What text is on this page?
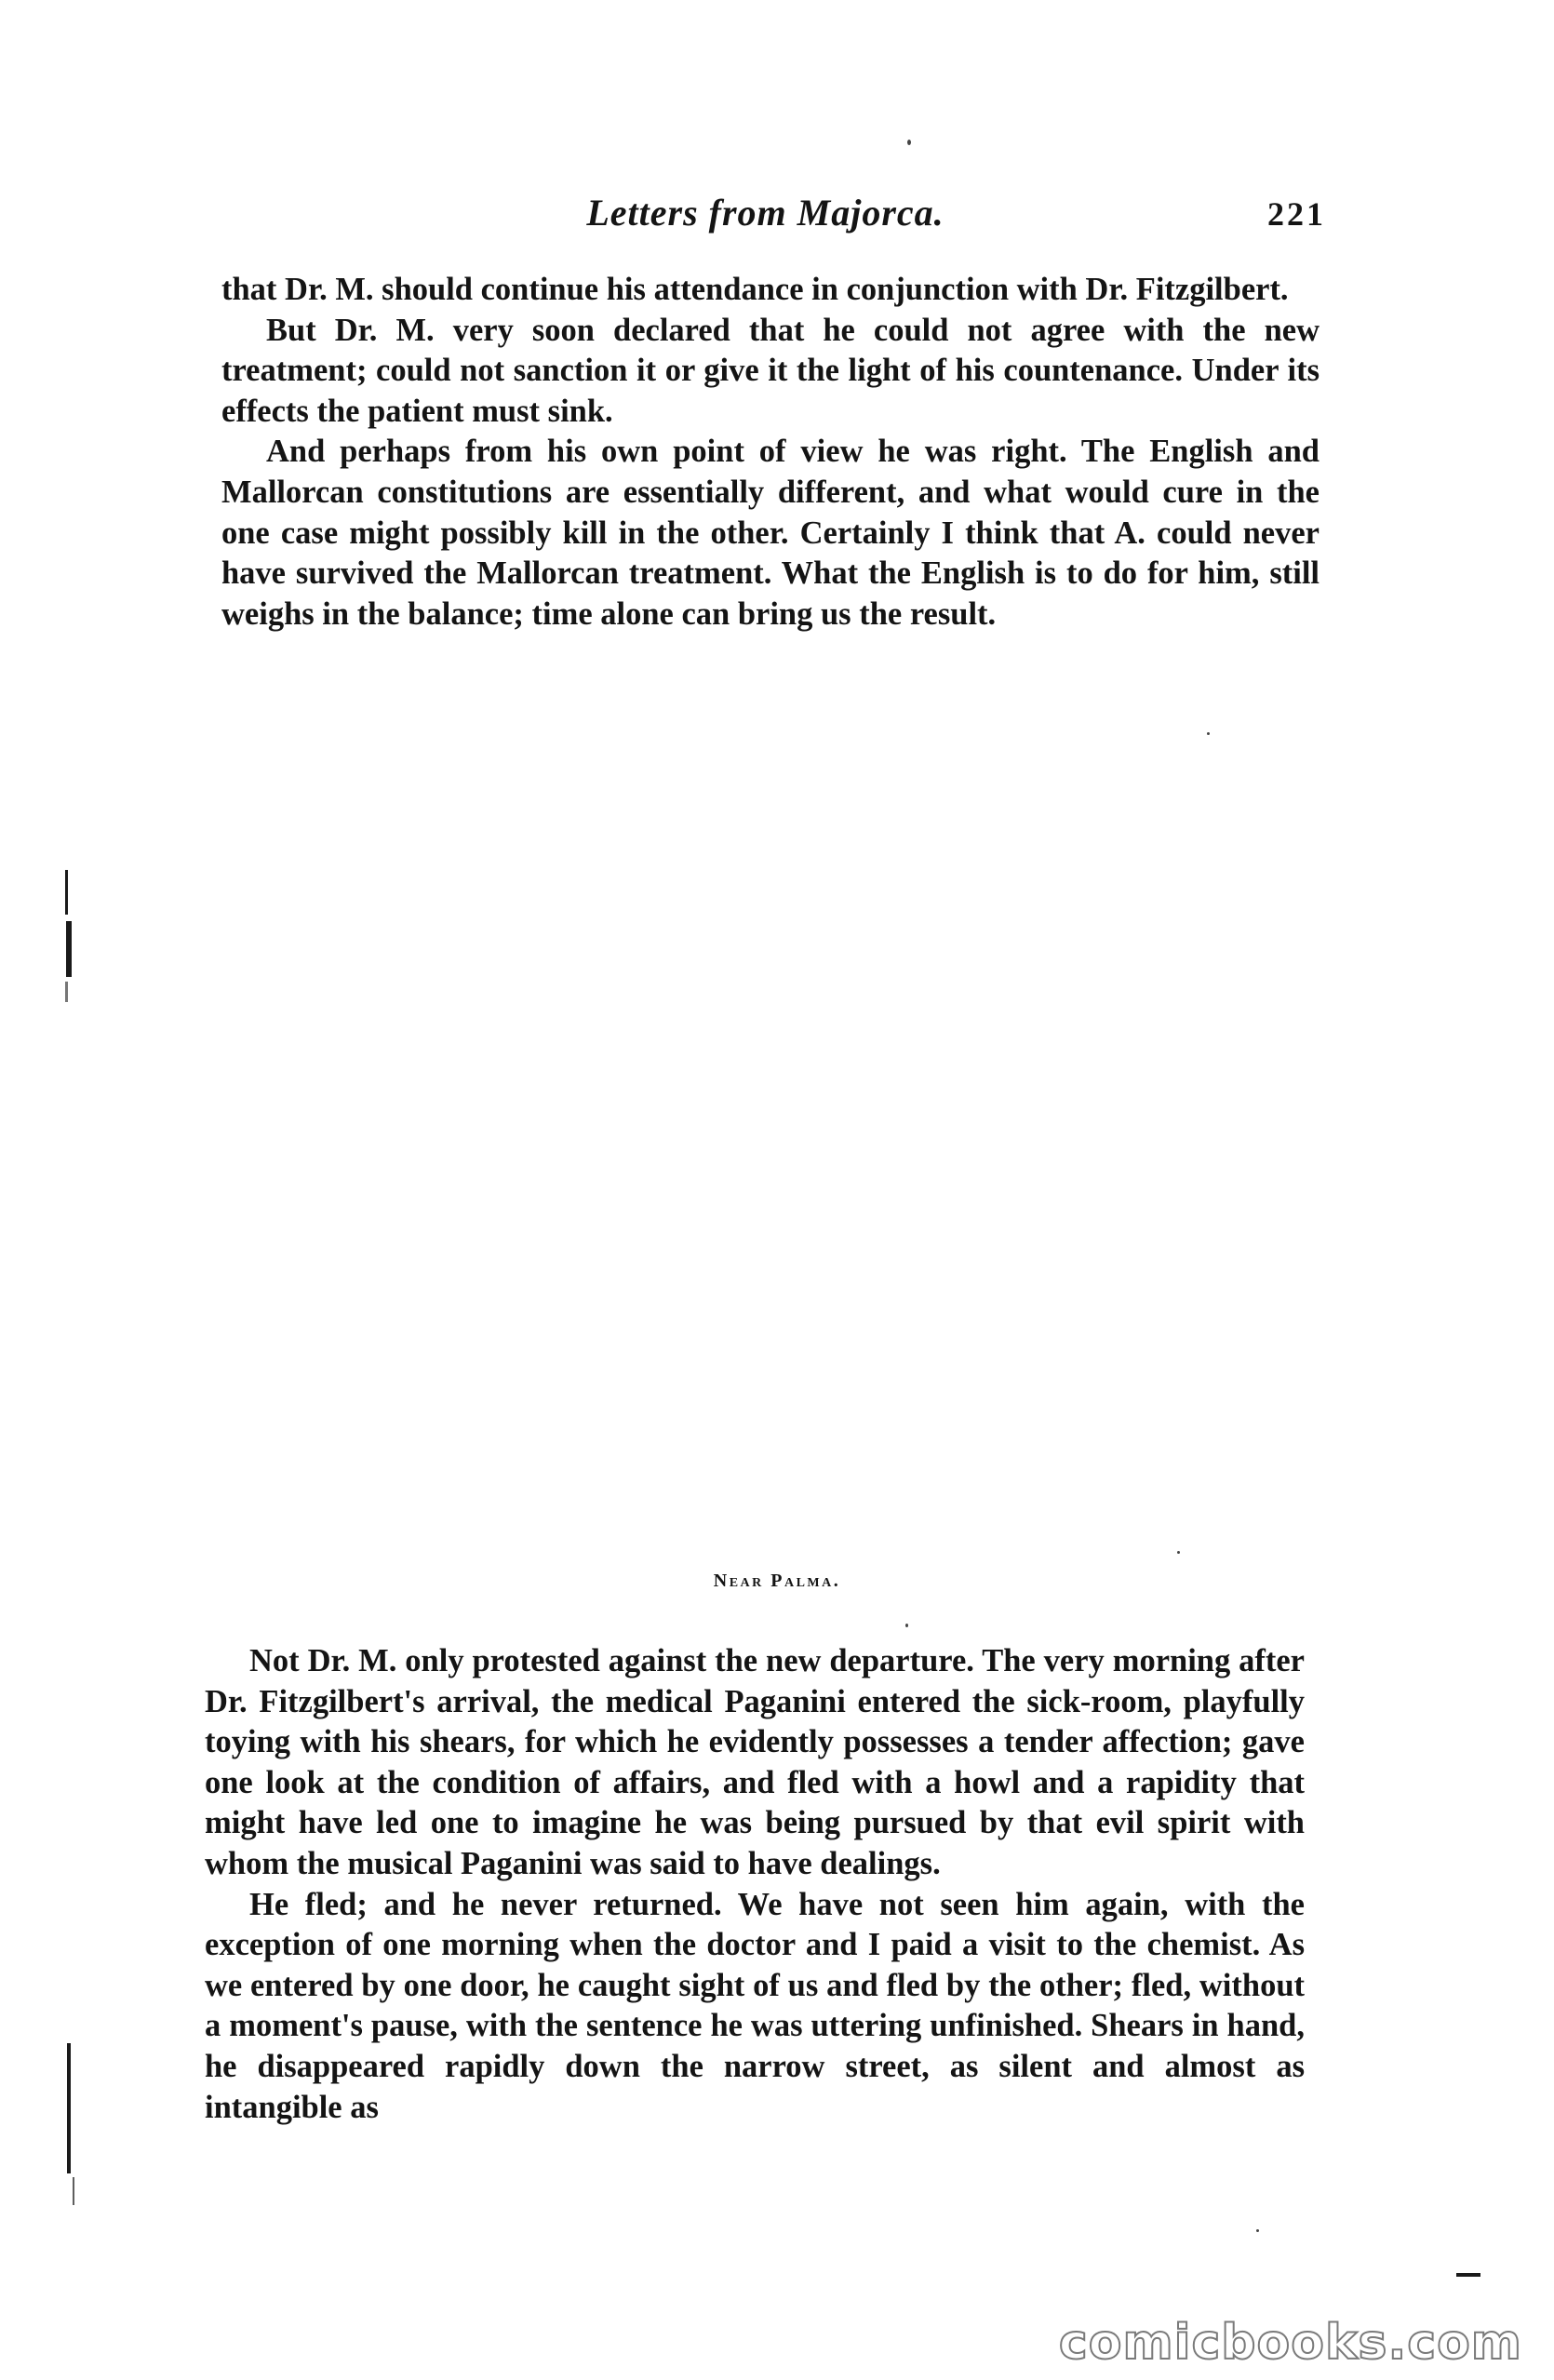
Letters from Majorca.	221

that Dr. M. should continue his attendance in conjunction with Dr. Fitzgilbert.

But Dr. M. very soon declared that he could not agree with the new treatment; could not sanction it or give it the light of his countenance. Under its effects the patient must sink.

And perhaps from his own point of view he was right. The English and Mallorcan constitutions are essentially different, and what would cure in the one case might possibly kill in the other. Certainly I think that A. could never have survived the Mallorcan treatment. What the English is to do for him, still weighs in the balance; time alone can bring us the result.

Near Palma.

Not Dr. M. only protested against the new departure. The very morning after Dr. Fitzgilbert's arrival, the medical Paganini entered the sick-room, playfully toying with his shears, for which he evidently possesses a tender affection; gave one look at the condition of affairs, and fled with a howl and a rapidity that might have led one to imagine he was being pursued by that evil spirit with whom the musical Paganini was said to have dealings.

He fled; and he never returned. We have not seen him again, with the exception of one morning when the doctor and I paid a visit to the chemist. As we entered by one door, he caught sight of us and fled by the other; fled, without a moment's pause, with the sentence he was uttering unfinished. Shears in hand, he disappeared rapidly down the narrow street, as silent and almost as intangible as

comicbooks.com
